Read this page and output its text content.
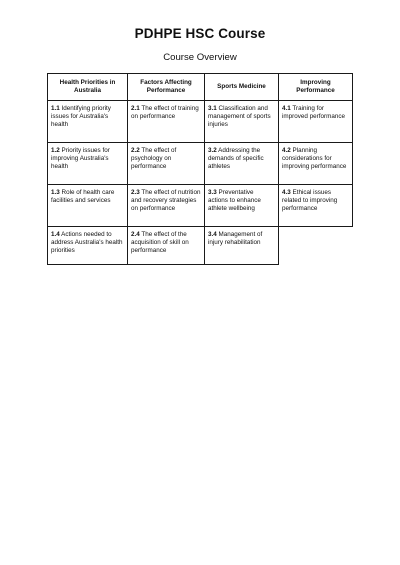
PDHPE HSC Course
Course Overview
Health Priorities in Australia	Factors Affecting Performance	Sports Medicine	Improving Performance
1.1 Identifying priority issues for Australia's health	2.1 The effect of training on performance	3.1 Classification and management of sports injuries	4.1 Training for improved performance
1.2 Priority issues for improving Australia's health	2.2 The effect of psychology on performance	3.2 Addressing the demands of specific athletes	4.2 Planning considerations for improving performance
1.3 Role of health care facilities and services	2.3 The effect of nutrition and recovery strategies on performance	3.3 Preventative actions to enhance athlete wellbeing	4.3 Ethical issues related to improving performance
1.4 Actions needed to address Australia's health priorities	2.4 The effect of the acquisition of skill on performance	3.4 Management of injury rehabilitation	
